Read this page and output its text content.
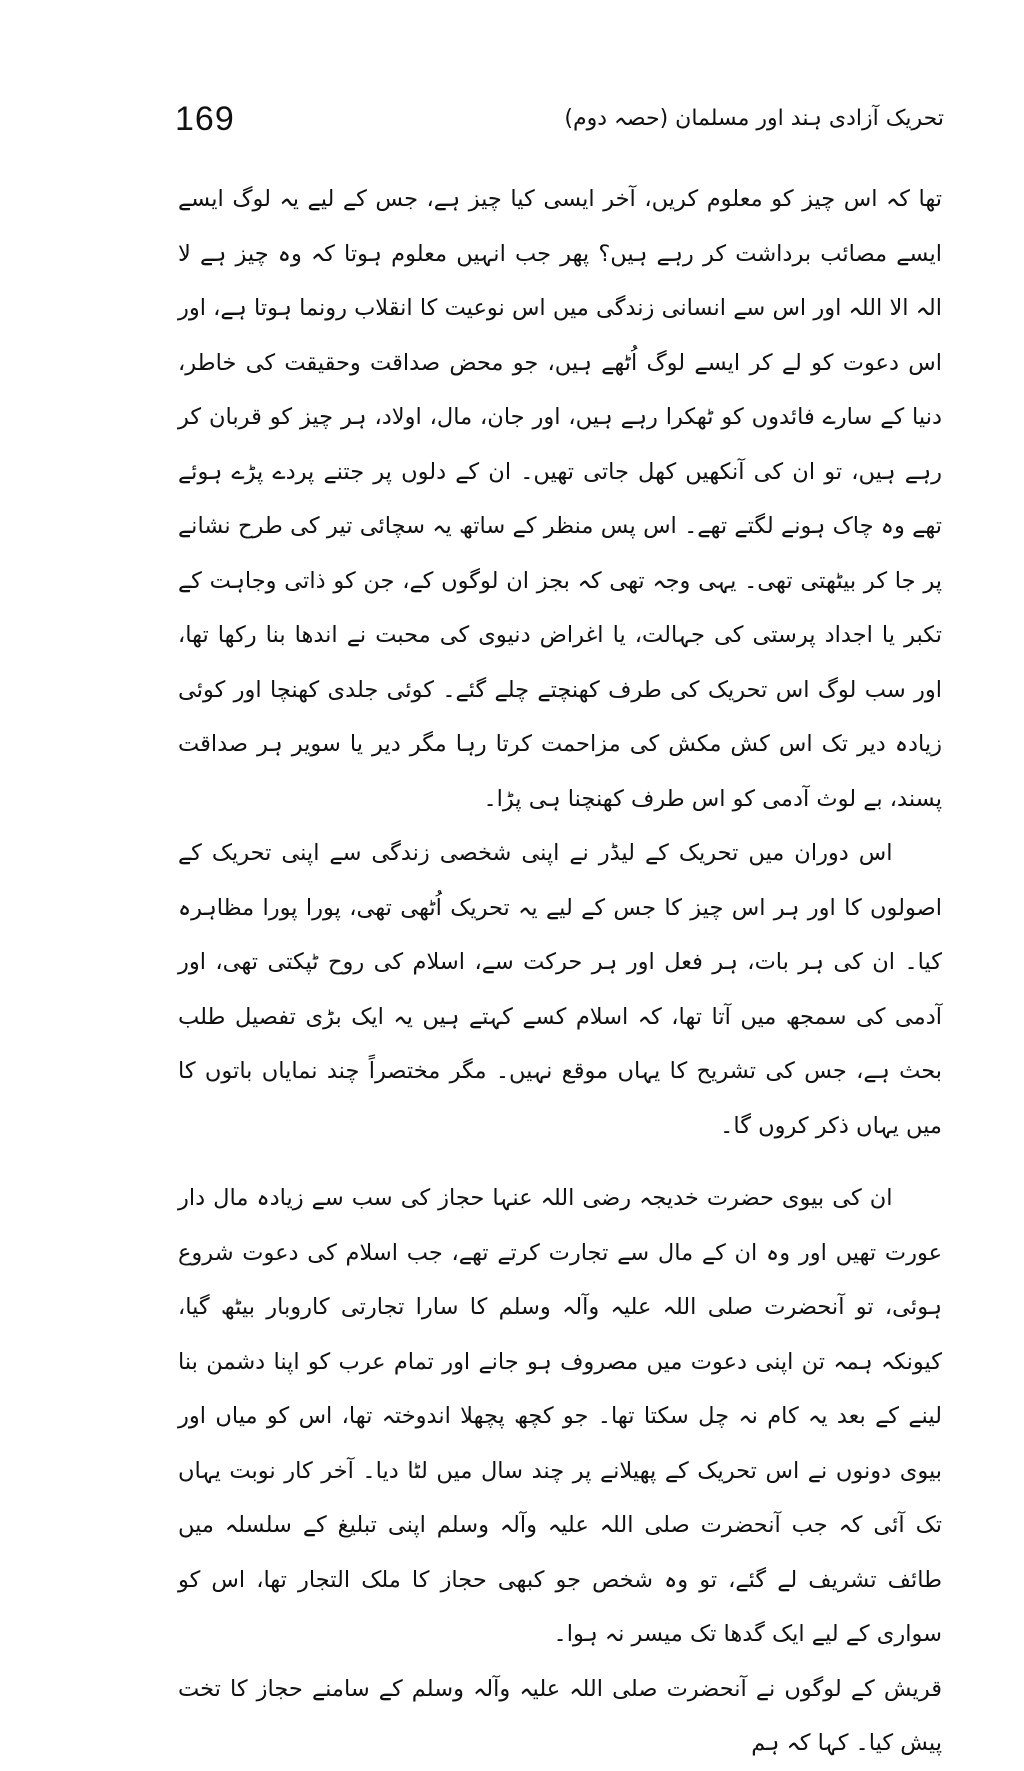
169	تحریک آزادی ہند اور مسلمان (حصہ دوم)

تھا کہ اس چیز کو معلوم کریں، آخر ایسی کیا چیز ہے، جس کے لیے یہ لوگ ایسے ایسے مصائب برداشت کر رہے ہیں؟ پھر جب انہیں معلوم ہوتا کہ وہ چیز ہے لا الہ الا اللہ اور اس سے انسانی زندگی میں اس نوعیت کا انقلاب رونما ہوتا ہے، اور اس دعوت کو لے کر ایسے لوگ اُٹھے ہیں، جو محض صداقت وحقیقت کی خاطر، دنیا کے سارے فائدوں کو ٹھکرا رہے ہیں، اور جان، مال، اولاد، ہر چیز کو قربان کر رہے ہیں، تو ان کی آنکھیں کھل جاتی تھیں۔ ان کے دلوں پر جتنے پردے پڑے ہوئے تھے وہ چاک ہونے لگتے تھے۔ اس پس منظر کے ساتھ یہ سچائی تیر کی طرح نشانے پر جا کر بیٹھتی تھی۔ یہی وجہ تھی کہ بجز ان لوگوں کے، جن کو ذاتی وجاہت کے تکبر یا اجداد پرستی کی جہالت، یا اغراض دنیوی کی محبت نے اندھا بنا رکھا تھا، اور سب لوگ اس تحریک کی طرف کھنچتے چلے گئے۔ کوئی جلدی کھنچا اور کوئی زیادہ دیر تک اس کش مکش کی مزاحمت کرتا رہا مگر دیر یا سویر ہر صداقت پسند، بے لوث آدمی کو اس طرف کھنچنا ہی پڑا۔

اس دوران میں تحریک کے لیڈر نے اپنی شخصی زندگی سے اپنی تحریک کے اصولوں کا اور ہر اس چیز کا جس کے لیے یہ تحریک اُٹھی تھی، پورا پورا مظاہرہ کیا۔ ان کی ہر بات، ہر فعل اور ہر حرکت سے، اسلام کی روح ٹپکتی تھی، اور آدمی کی سمجھ میں آتا تھا، کہ اسلام کسے کہتے ہیں یہ ایک بڑی تفصیل طلب بحث ہے، جس کی تشریح کا یہاں موقع نہیں۔ مگر مختصراً چند نمایاں باتوں کا میں یہاں ذکر کروں گا۔

ان کی بیوی حضرت خدیجہ رضی اللہ عنہا حجاز کی سب سے زیادہ مال دار عورت تھیں اور وہ ان کے مال سے تجارت کرتے تھے، جب اسلام کی دعوت شروع ہوئی، تو آنحضرت صلی اللہ علیہ وآلہ وسلم کا سارا تجارتی کاروبار بیٹھ گیا، کیونکہ ہمہ تن اپنی دعوت میں مصروف ہو جانے اور تمام عرب کو اپنا دشمن بنا لینے کے بعد یہ کام نہ چل سکتا تھا۔ جو کچھ پچھلا اندوختہ تھا، اس کو میاں اور بیوی دونوں نے اس تحریک کے پھیلانے پر چند سال میں لٹا دیا۔ آخر کار نوبت یہاں تک آئی کہ جب آنحضرت صلی اللہ علیہ وآلہ وسلم اپنی تبلیغ کے سلسلہ میں طائف تشریف لے گئے، تو وہ شخص جو کبھی حجاز کا ملک التجار تھا، اس کو سواری کے لیے ایک گدھا تک میسر نہ ہوا۔

قریش کے لوگوں نے آنحضرت صلی اللہ علیہ وآلہ وسلم کے سامنے حجاز کا تخت پیش کیا۔ کہا کہ ہم
